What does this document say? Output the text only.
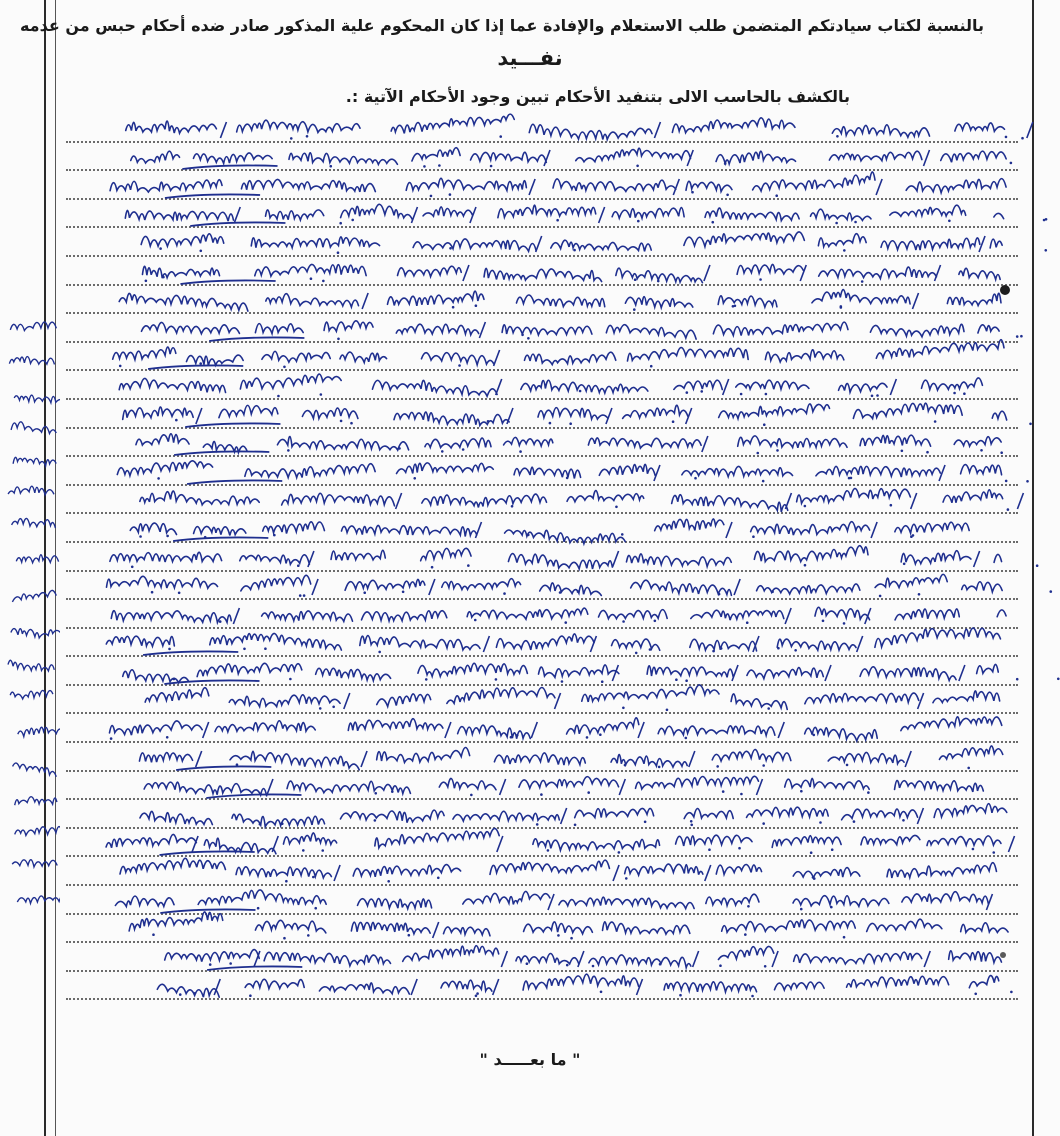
بالنسبة لكتاب سيادتكم المتضمن طلب الاستعلام والإفادة عما إذا كان المحكوم علية المذكور صادر ضده أحكام حبس من عدمه
نفـــيد
بالكشف بالحاسب الالى بتنفيد الأحكام تبين وجود الأحكام الآتية :.
" ما بعـــــد "
